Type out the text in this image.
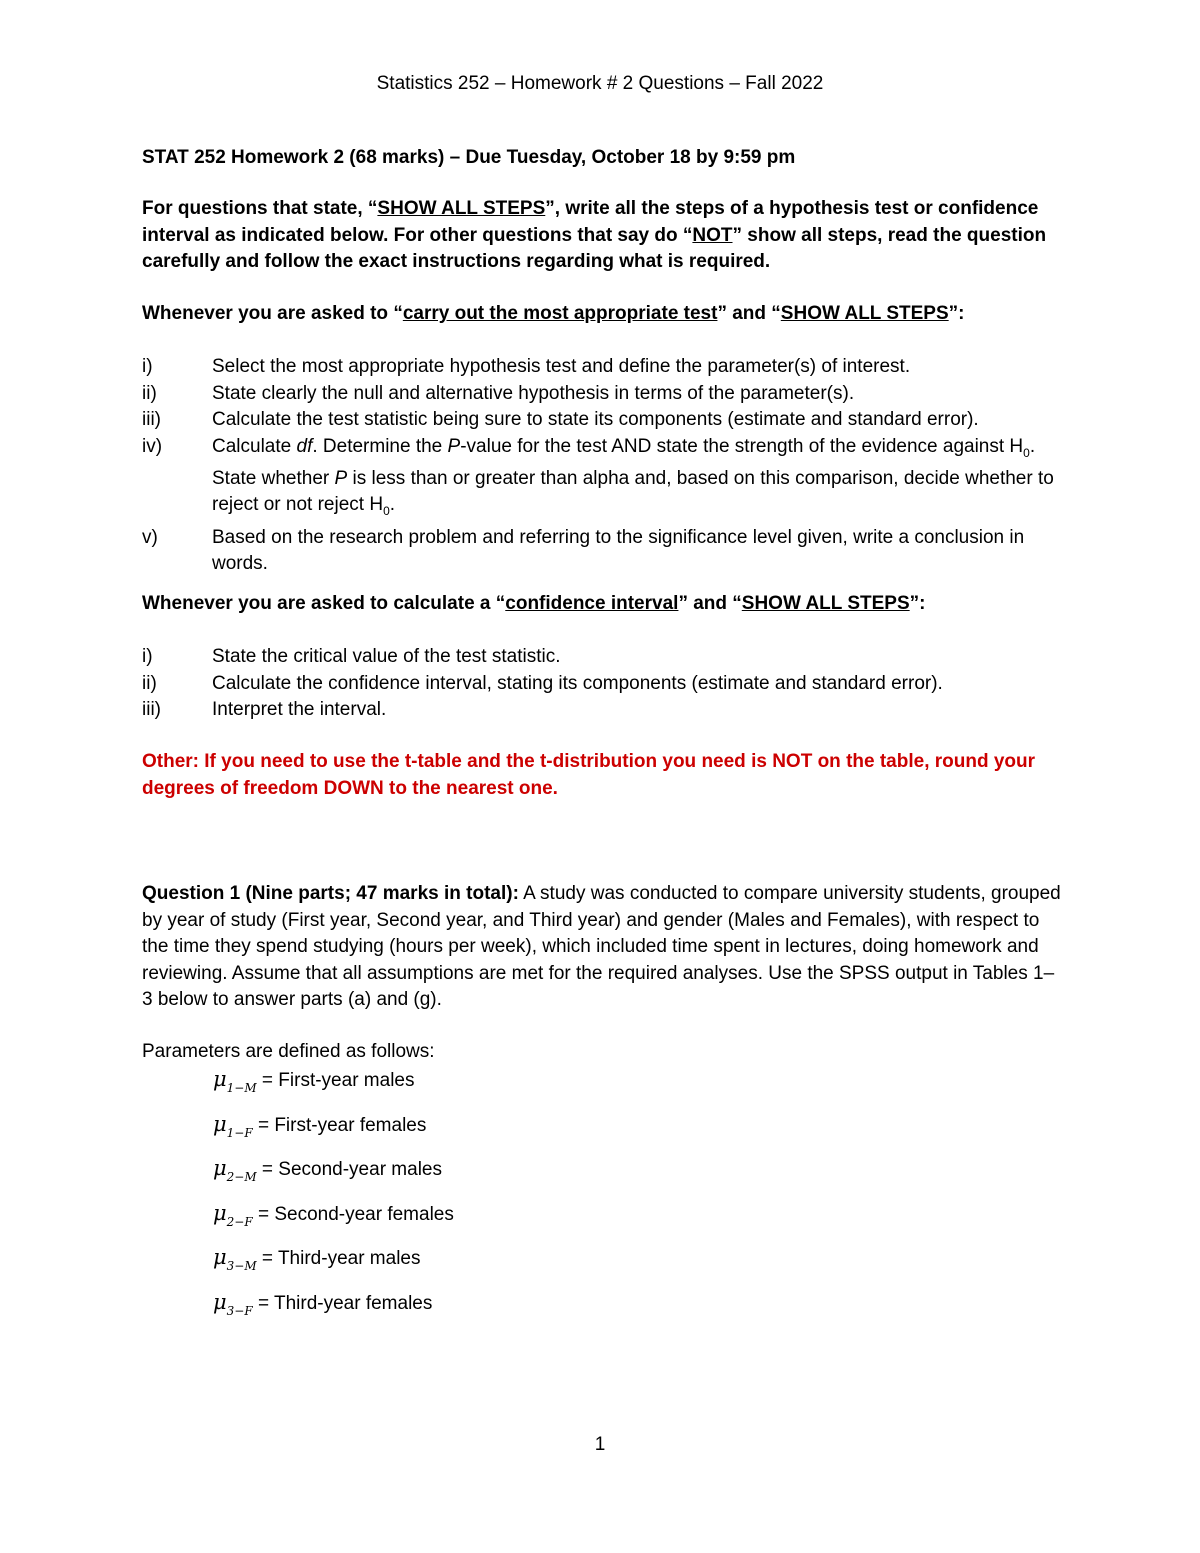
Statistics 252 – Homework # 2 Questions – Fall 2022
STAT 252 Homework 2 (68 marks) – Due Tuesday, October 18 by 9:59 pm
For questions that state, “SHOW ALL STEPS”, write all the steps of a hypothesis test or confidence interval as indicated below. For other questions that say do “NOT” show all steps, read the question carefully and follow the exact instructions regarding what is required.
Whenever you are asked to “carry out the most appropriate test” and “SHOW ALL STEPS”:
i)	Select the most appropriate hypothesis test and define the parameter(s) of interest.
ii)	State clearly the null and alternative hypothesis in terms of the parameter(s).
iii)	Calculate the test statistic being sure to state its components (estimate and standard error).
iv)	Calculate df. Determine the P-value for the test AND state the strength of the evidence against $H_0$. State whether P is less than or greater than alpha and, based on this comparison, decide whether to reject or not reject $H_0$.
v)	Based on the research problem and referring to the significance level given, write a conclusion in words.
Whenever you are asked to calculate a “confidence interval” and “SHOW ALL STEPS”:
i)	State the critical value of the test statistic.
ii)	Calculate the confidence interval, stating its components (estimate and standard error).
iii)	Interpret the interval.
Other: If you need to use the t-table and the t-distribution you need is NOT on the table, round your degrees of freedom DOWN to the nearest one.
Question 1 (Nine parts; 47 marks in total): A study was conducted to compare university students, grouped by year of study (First year, Second year, and Third year) and gender (Males and Females), with respect to the time they spend studying (hours per week), which included time spent in lectures, doing homework and reviewing. Assume that all assumptions are met for the required analyses. Use the SPSS output in Tables 1–3 below to answer parts (a) and (g).
Parameters are defined as follows:
$\mu_{1-M}$ = First-year males
$\mu_{1-F}$ = First-year females
$\mu_{2-M}$ = Second-year males
$\mu_{2-F}$ = Second-year females
$\mu_{3-M}$ = Third-year males
$\mu_{3-F}$ = Third-year females
1
